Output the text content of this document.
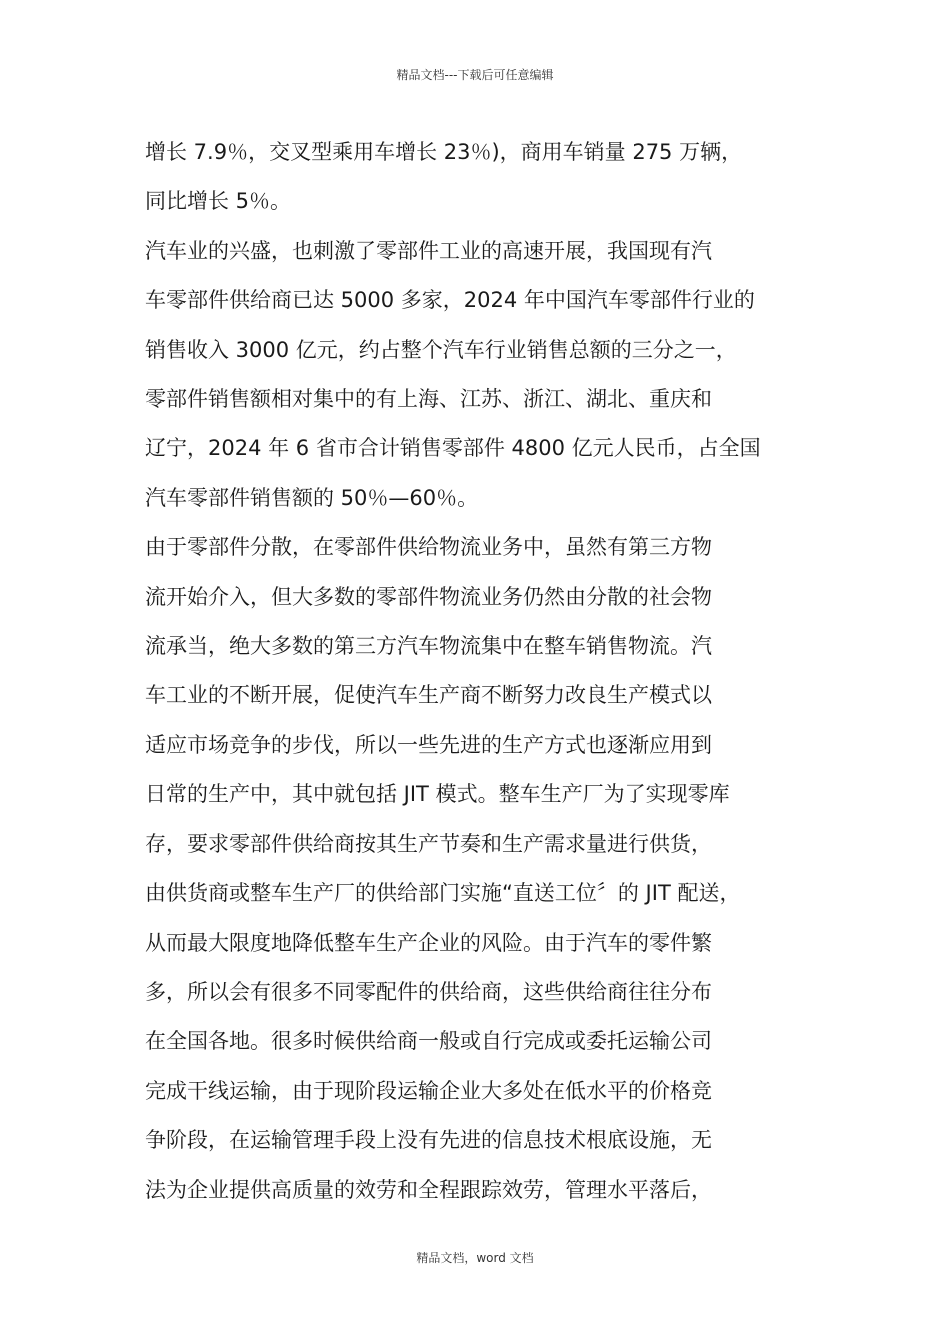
精品文档---下载后可任意编辑
增长 7.9％，交叉型乘用车增长 23％)，商用车销量 275 万辆，
同比增长 5％。
汽车业的兴盛，也刺激了零部件工业的高速开展，我国现有汽
车零部件供给商已达 5000 多家，2024 年中国汽车零部件行业的
销售收入 3000 亿元，约占整个汽车行业销售总额的三分之一，
零部件销售额相对集中的有上海、江苏、浙江、湖北、重庆和
辽宁，2024 年 6 省市合计销售零部件 4800 亿元人民币，占全国
汽车零部件销售额的 50％—60％。
由于零部件分散，在零部件供给物流业务中，虽然有第三方物
流开始介入，但大多数的零部件物流业务仍然由分散的社会物
流承当，绝大多数的第三方汽车物流集中在整车销售物流。汽
车工业的不断开展，促使汽车生产商不断努力改良生产模式以
适应市场竞争的步伐，所以一些先进的生产方式也逐渐应用到
日常的生产中，其中就包括 JIT 模式。整车生产厂为了实现零库
存，要求零部件供给商按其生产节奏和生产需求量进行供货，
由供货商或整车生产厂的供给部门实施“直送工位〞的 JIT 配送，
从而最大限度地降低整车生产企业的风险。由于汽车的零件繁
多，所以会有很多不同零配件的供给商，这些供给商往往分布
在全国各地。很多时候供给商一般或自行完成或委托运输公司
完成干线运输，由于现阶段运输企业大多处在低水平的价格竞
争阶段，在运输管理手段上没有先进的信息技术根底设施，无
法为企业提供高质量的效劳和全程跟踪效劳，管理水平落后，
精品文档，word 文档
